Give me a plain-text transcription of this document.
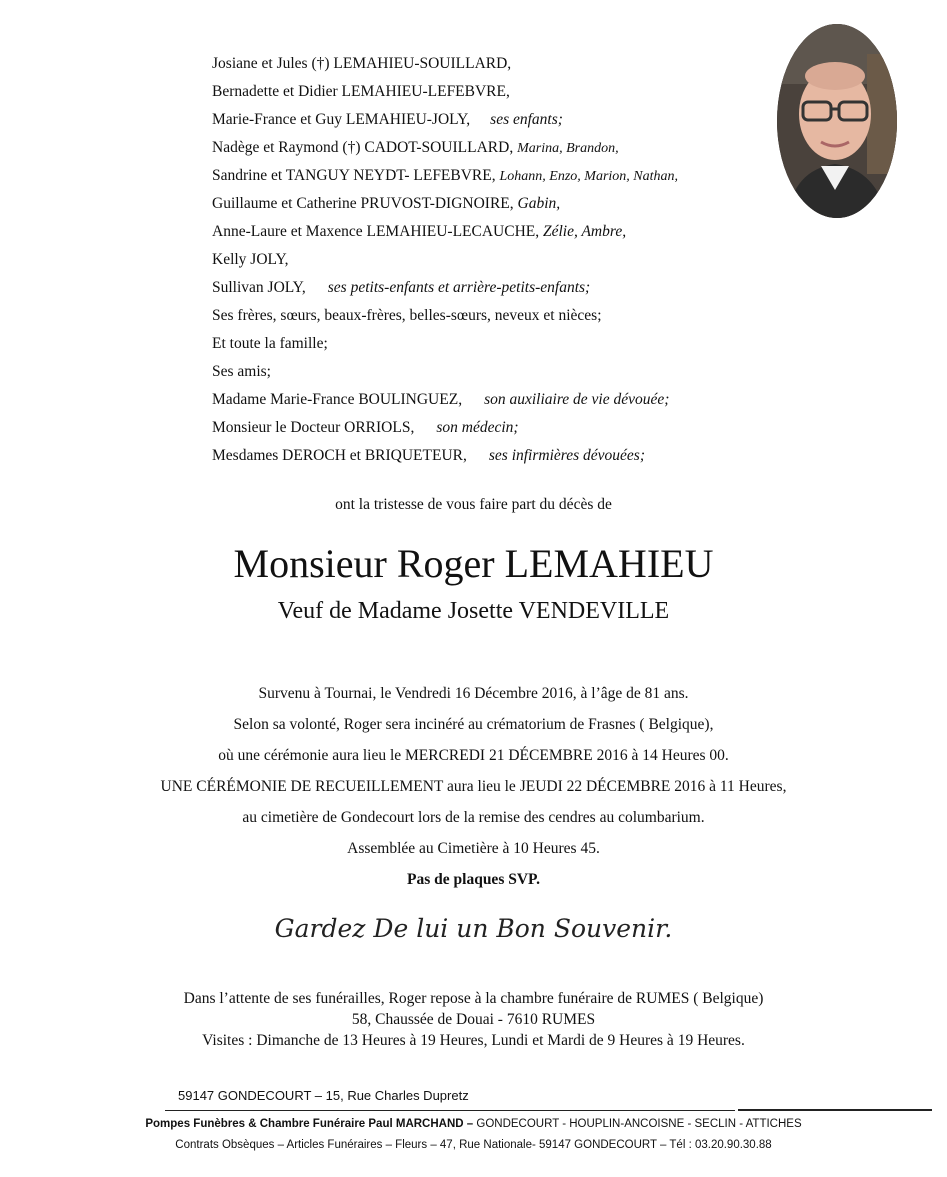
Josiane et Jules (†) LEMAHIEU-SOUILLARD,
Bernadette et Didier LEMAHIEU-LEFEBVRE,
Marie-France et Guy LEMAHIEU-JOLY, ses enfants;
Nadège et Raymond (†) CADOT-SOUILLARD, Marina, Brandon,
Sandrine et TANGUY NEYDT- LEFEBVRE, Lohann, Enzo, Marion, Nathan,
Guillaume et Catherine PRUVOST-DIGNOIRE, Gabin,
Anne-Laure et Maxence LEMAHIEU-LECAUCHE, Zélie, Ambre,
Kelly JOLY,
Sullivan JOLY, ses petits-enfants et arrière-petits-enfants;
Ses frères, sœurs, beaux-frères, belles-sœurs, neveux et nièces;
Et toute la famille;
Ses amis;
Madame Marie-France BOULINGUEZ, son auxiliaire de vie dévouée;
Monsieur le Docteur ORRIOLS, son médecin;
Mesdames DEROCH et BRIQUETEUR, ses infirmières dévouées;
ont la tristesse de vous faire part du décès de
Monsieur Roger LEMAHIEU
Veuf de Madame Josette VENDEVILLE
Survenu à Tournai, le Vendredi 16 Décembre 2016, à l’âge de 81 ans.
Selon sa volonté, Roger sera incinéré au crématorium de Frasnes ( Belgique),
où une cérémonie aura lieu le MERCREDI 21 DÉCEMBRE 2016 à 14 Heures 00.
UNE CÉRÉMONIE DE RECUEILLEMENT aura lieu le JEUDI 22 DÉCEMBRE 2016 à 11 Heures,
au cimetière de Gondecourt lors de la remise des cendres au columbarium.
Assemblée au Cimetière à 10 Heures 45.
Pas de plaques SVP.
Gardez De lui un Bon Souvenir.
Dans l’attente de ses funérailles, Roger repose à la chambre funéraire de RUMES ( Belgique)
58, Chaussée de Douai - 7610 RUMES
Visites : Dimanche de 13 Heures à 19 Heures, Lundi et Mardi de 9 Heures à 19 Heures.
59147 GONDECOURT – 15, Rue Charles Dupretz
Pompes Funèbres & Chambre Funéraire Paul MARCHAND – GONDECOURT - HOUPLIN-ANCOISNE - SECLIN - ATTICHES
Contrats Obsèques – Articles Funéraires – Fleurs – 47, Rue Nationale- 59147 GONDECOURT – Tél : 03.20.90.30.88
